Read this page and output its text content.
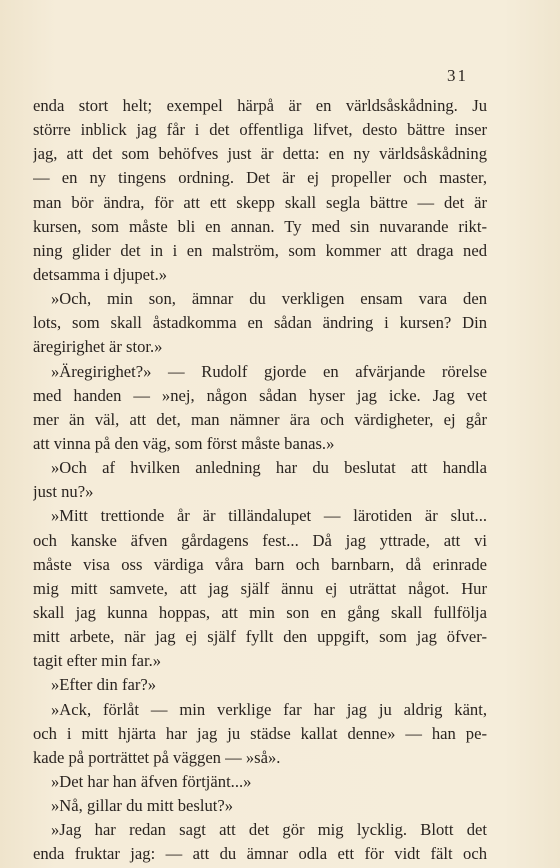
31
enda stort helt; exempel härpå är en världsåskådning. Ju
större inblick jag får i det offentliga lifvet, desto bättre inser
jag, att det som behöfves just är detta: en ny världsåskådning
— en ny tingens ordning. Det är ej propeller och master,
man bör ändra, för att ett skepp skall segla bättre — det är
kursen, som måste bli en annan. Ty med sin nuvarande rikt-
ning glider det in i en malström, som kommer att draga ned
detsamma i djupet.»
»Och, min son, ämnar du verkligen ensam vara den
lots, som skall åstadkomma en sådan ändring i kursen? Din
äregirighet är stor.»
»Äregirighet?» — Rudolf gjorde en afvärjande rörelse
med handen — »nej, någon sådan hyser jag icke. Jag vet
mer än väl, att det, man nämner ära och värdigheter, ej går
att vinna på den väg, som först måste banas.»
»Och af hvilken anledning har du beslutat att handla
just nu?»
»Mitt trettionde år är tilländalupet — lärotiden är slut...
och kanske äfven gårdagens fest... Då jag yttrade, att vi
måste visa oss värdiga våra barn och barnbarn, då erinrade
mig mitt samvete, att jag själf ännu ej uträttat något. Hur
skall jag kunna hoppas, att min son en gång skall fullfölja
mitt arbete, när jag ej själf fyllt den uppgift, som jag öfver-
tagit efter min far.»
»Efter din far?»
»Ack, förlåt — min verklige far har jag ju aldrig känt,
och i mitt hjärta har jag ju städse kallat denne» — han pe-
kade på porträttet på väggen — »så».
»Det har han äfven förtjänt...»
»Nå, gillar du mitt beslut?»
»Jag har redan sagt att det gör mig lycklig. Blott det
enda fruktar jag: — att du ämnar odla ett för vidt fält och
